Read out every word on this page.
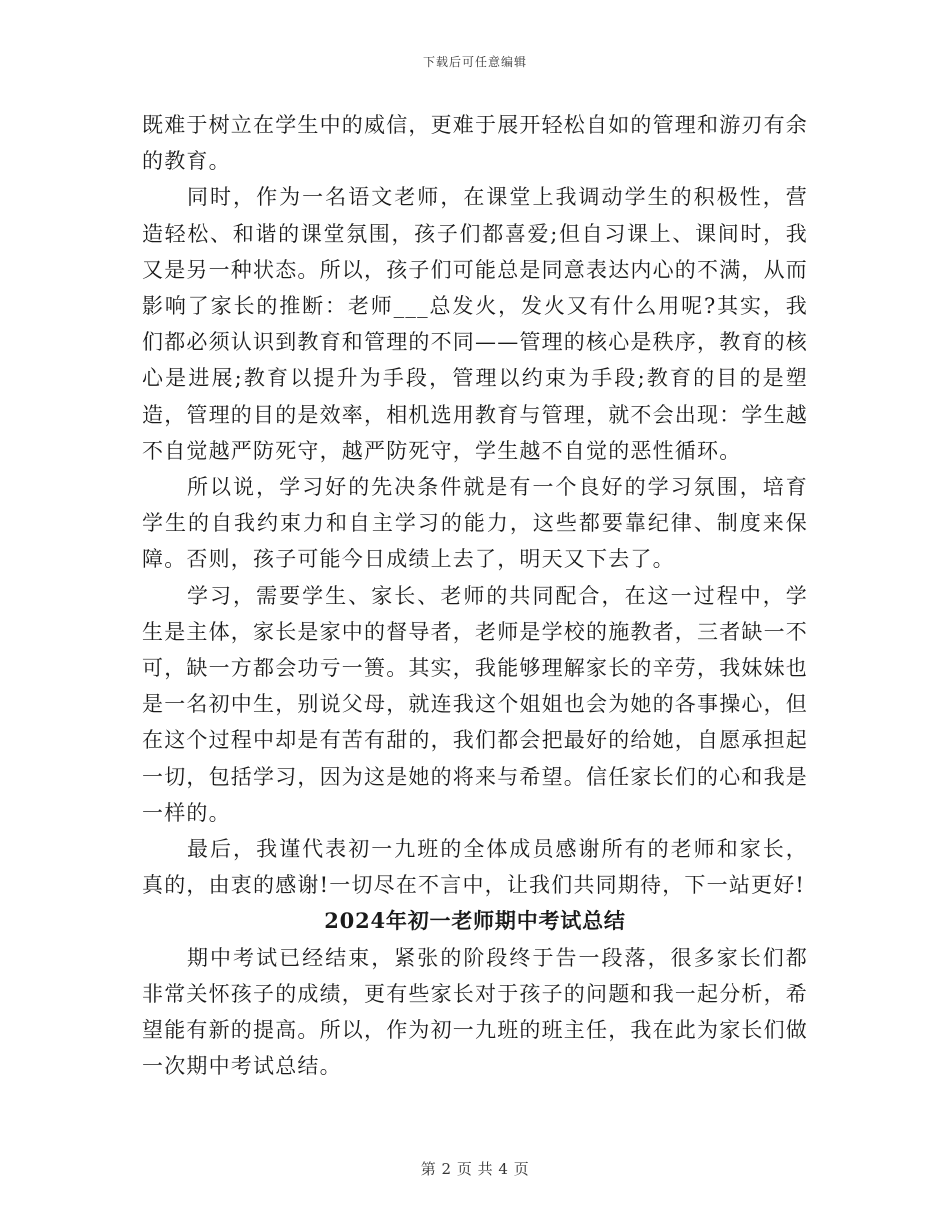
下载后可任意编辑

既难于树立在学生中的威信，更难于展开轻松自如的管理和游刃有余的教育。

同时，作为一名语文老师，在课堂上我调动学生的积极性，营造轻松、和谐的课堂氛围，孩子们都喜爱;但自习课上、课间时，我又是另一种状态。所以，孩子们可能总是同意表达内心的不满，从而影响了家长的推断：老师___总发火，发火又有什么用呢?其实，我们都必须认识到教育和管理的不同——管理的核心是秩序，教育的核心是进展;教育以提升为手段，管理以约束为手段;教育的目的是塑造，管理的目的是效率，相机选用教育与管理，就不会出现：学生越不自觉越严防死守，越严防死守，学生越不自觉的恶性循环。

所以说，学习好的先决条件就是有一个良好的学习氛围，培育学生的自我约束力和自主学习的能力，这些都要靠纪律、制度来保障。否则，孩子可能今日成绩上去了，明天又下去了。

学习，需要学生、家长、老师的共同配合，在这一过程中，学生是主体，家长是家中的督导者，老师是学校的施教者，三者缺一不可，缺一方都会功亏一篑。其实，我能够理解家长的辛劳，我妹妹也是一名初中生，别说父母，就连我这个姐姐也会为她的各事操心，但在这个过程中却是有苦有甜的，我们都会把最好的给她，自愿承担起一切，包括学习，因为这是她的将来与希望。信任家长们的心和我是一样的。

最后，我谨代表初一九班的全体成员感谢所有的老师和家长，真的，由衷的感谢!一切尽在不言中，让我们共同期待，下一站更好!

2024年初一老师期中考试总结

期中考试已经结束，紧张的阶段终于告一段落，很多家长们都非常关怀孩子的成绩，更有些家长对于孩子的问题和我一起分析，希望能有新的提高。所以，作为初一九班的班主任，我在此为家长们做一次期中考试总结。

第 2 页 共 4 页
